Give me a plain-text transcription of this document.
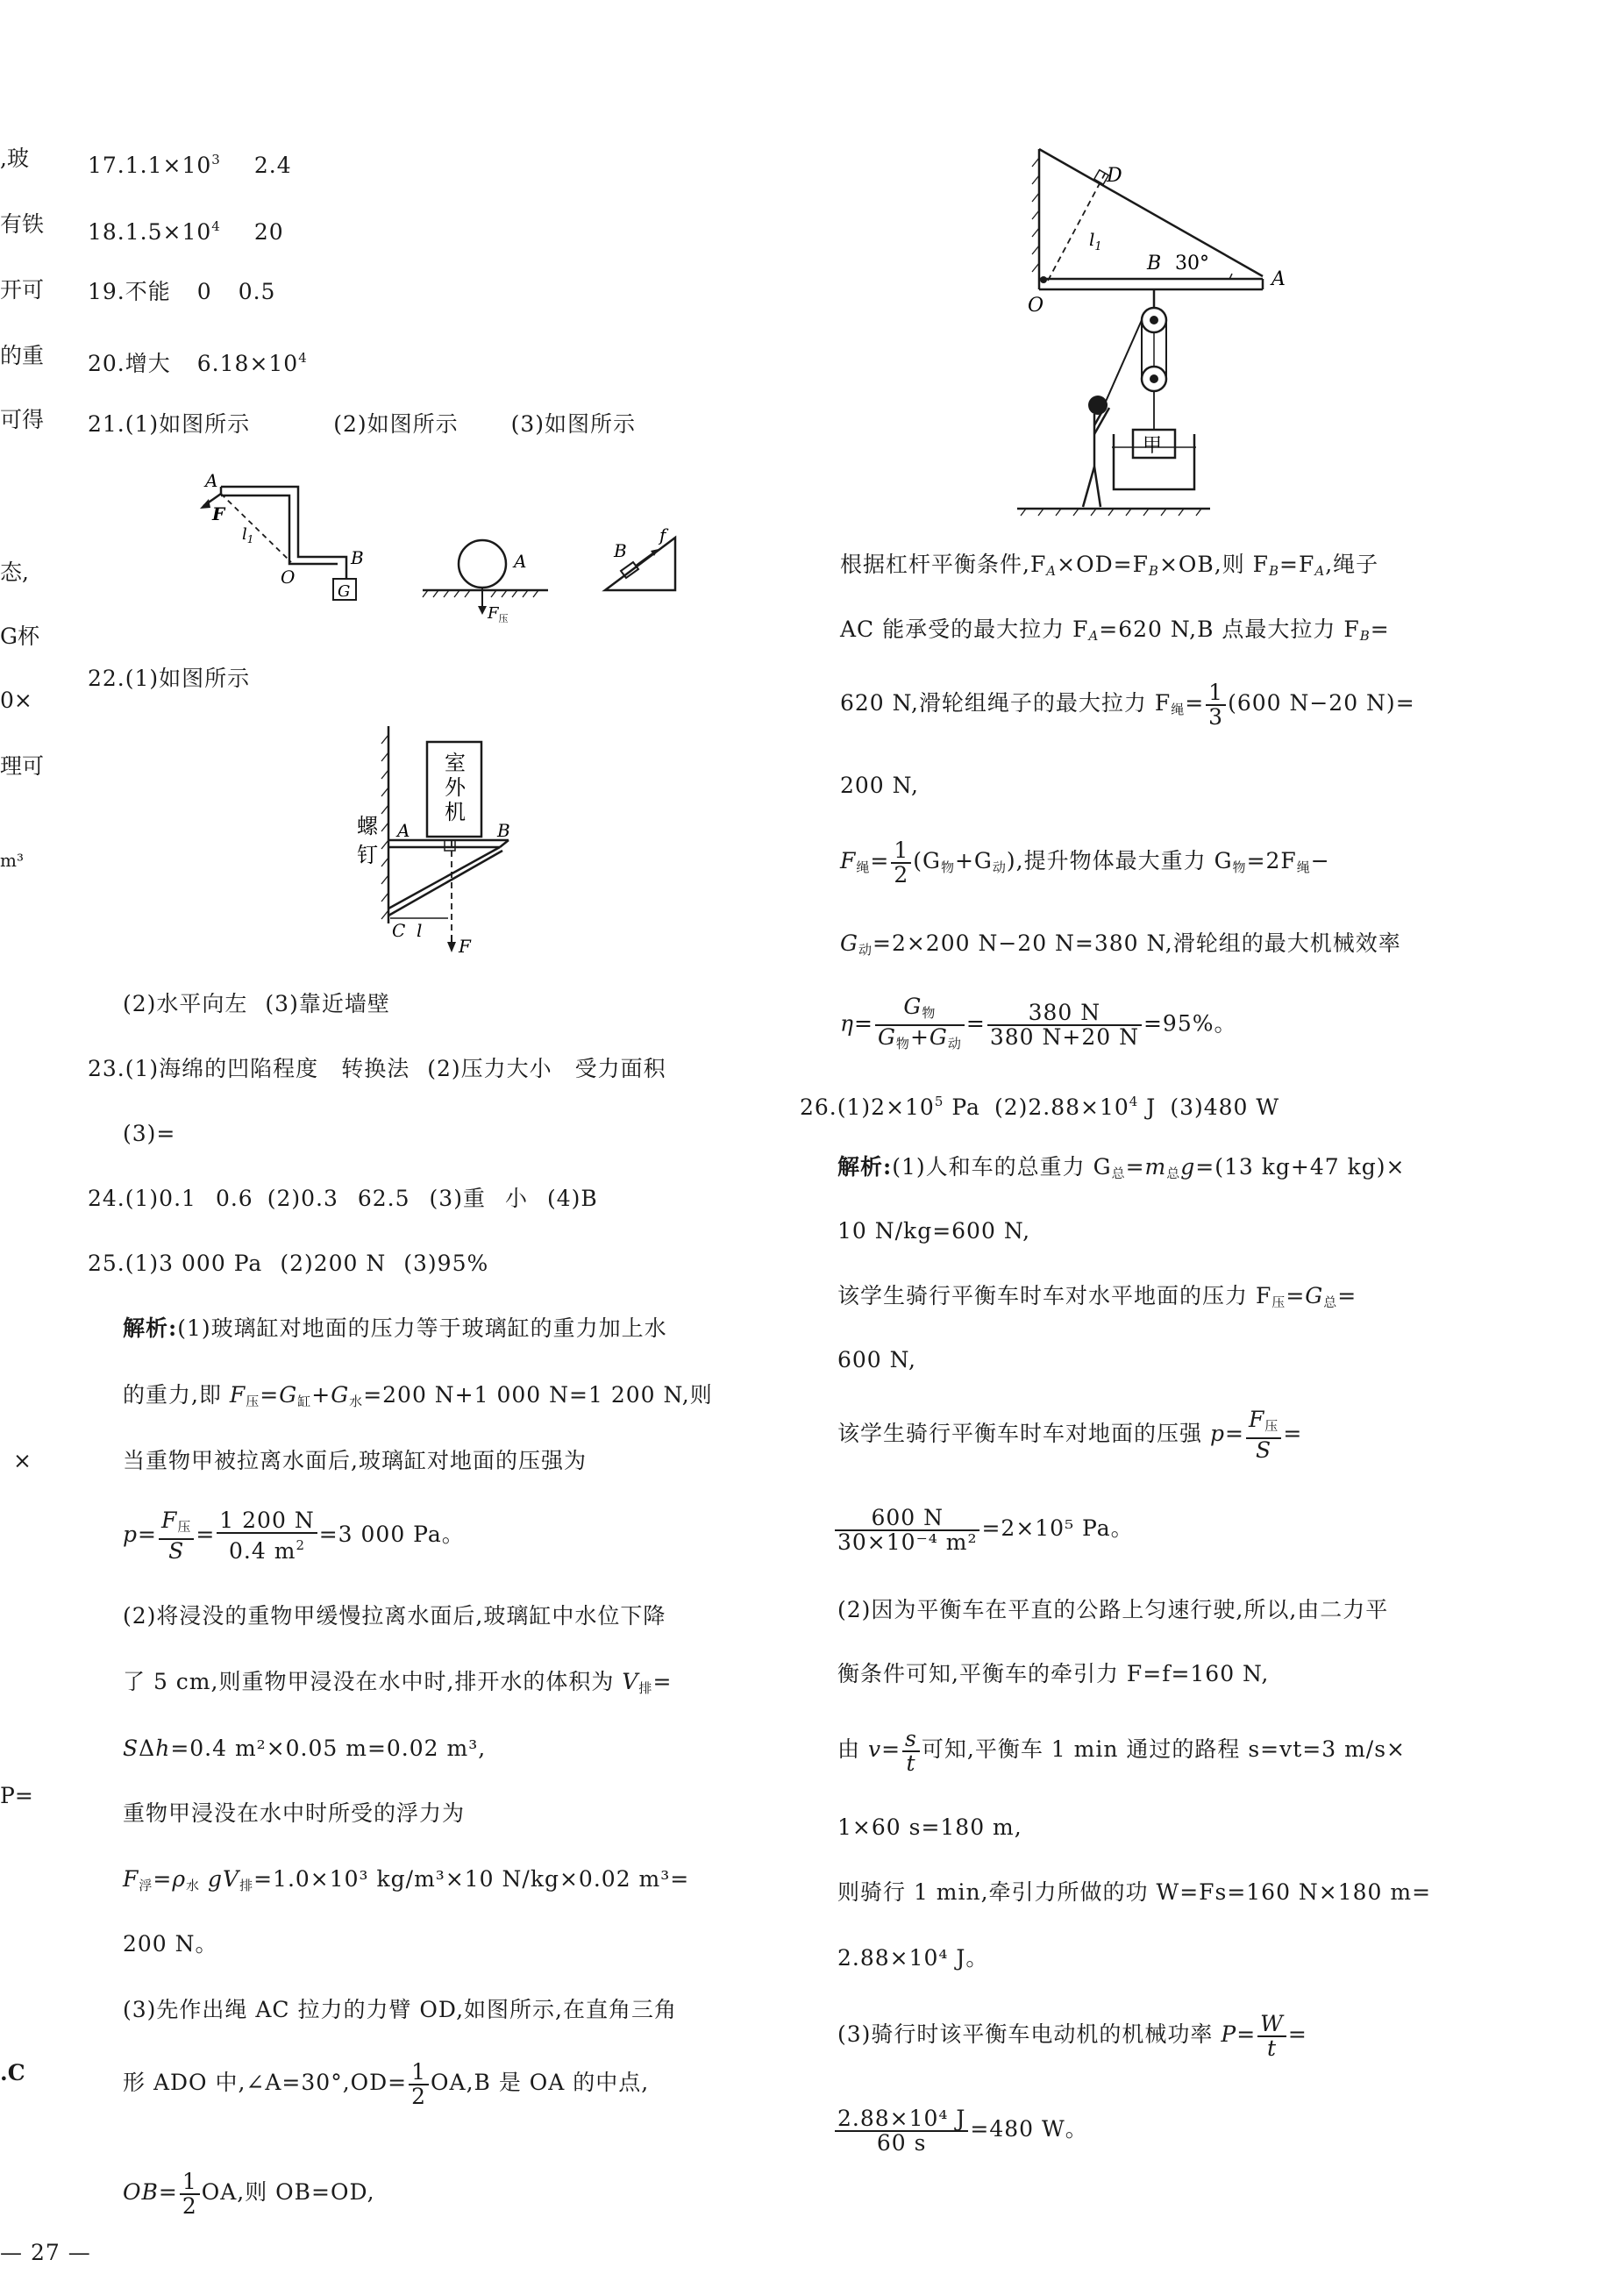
,玻
有铁
开可
的重
可得
态,
G杯
0×
理可
m³
×
P=
.C
$17.1.1\times 10^3$ 2.4
$18.1.5\times 10^4$ 20
19.不能 0 0.5
20.增大 $6.18\times 10^4$
21.(1)如图所示	(2)如图所示 (3)如图所示
A
F
$l_1$
O
B
G
A
$F_压$
B
f
22.(1)如图所示
室
外
机
螺
钉
A	B
C l
F
(2)水平向左 (3)靠近墙壁
23.(1)海绵的凹陷程度 转换法 (2)压力大小 受力面积
(3)=
24.(1)0.1 0.6 (2)0.3 62.5 (3)重 小 (4)B
25.(1)3 000 Pa (2)200 N (3)95%
解析:(1)玻璃缸对地面的压力等于玻璃缸的重力加上水
的重力,即 $F_压=G_缸+G_水=200$ N+1 000 N=1 200 N,则
当重物甲被拉离水面后,玻璃缸对地面的压强为
$p= \frac{F_压}{S} = \frac{1 200 N}{0.4 m^2} =3$ 000 Pa。
(2)将浸没的重物甲缓慢拉离水面后,玻璃缸中水位下降
了 5 cm,则重物甲浸没在水中时,排开水的体积为 $V_排=$
SΔh=0.4 m²×0.05 m=0.02 m³,
重物甲浸没在水中时所受的浮力为
$F_浮=\rho_水$ $gV_排=1.0\times 10^3$ kg/m³×10 N/kg×0.02 m³=
200 N。
(3)先作出绳 AC 拉力的力臂 OD,如图所示,在直角三角
形 ADO 中,∠A=30°,OD= $\frac{1}{2} OA,B$ 是 OA 的中点,
$OB= \frac{1}{2}$ OA,则 OB=OD,
— 27 —
D
$l_1$
B 30°
A
O
甲
根据杠杆平衡条件$,F_A\times OD=F_B\times OB$,则 $F_B=F_A$,绳子
AC 能承受的最大拉力 $F_A=620$ N,B 点最大拉力 $F_B=$
620 N,滑轮组绳子的最大拉力 $F_绳= \frac{1}{3} (600$ N−20 N)=
200 N,
$F_绳= \frac{1}{2} (G_物+G_动)$,提升物体最大重力 $G_物=2F_绳-$
$G_动=2\times 200$ N−20 N=380 N,滑轮组的最大机械效率
$\eta= \frac{G_物}{G_物+G_动} = \frac{380 N}{380 N+20 N} =95\%$。
$26.(1)2\times 10^5$ Pa $(2)2.88\times 10^4$ J (3)480 W
解析:(1)人和车的总重力 $G_总=m_总g=(13$ kg+47 kg)×
10 N/kg=600 N,
该学生骑行平衡车时车对水平地面的压力 $F_压=G_总=$
600 N,
该学生骑行平衡车时车对地面的压强 $p= \frac{F_压}{S}$ =
$\frac{600 N}{\text{30×10⁻⁴ m²}} =2\times 10^5$ Pa。
(2)因为平衡车在平直的公路上匀速行驶,所以,由二力平
衡条件可知,平衡车的牵引力 F=f=160 N,
由 $v= \frac{s}{t}$ 可知,平衡车 1 min 通过的路程 s=vt=3 m/s×
1×60 s=180 m,
则骑行 1 min,牵引力所做的功 W=Fs=160 N×180 m=
2.88×10⁴ J。
(3)骑行时该平衡车电动机的机械功率 $P= \frac{W}{t}$ =
$\frac{\text{2.88×10⁴ J}}{60 s} =480$ W。
